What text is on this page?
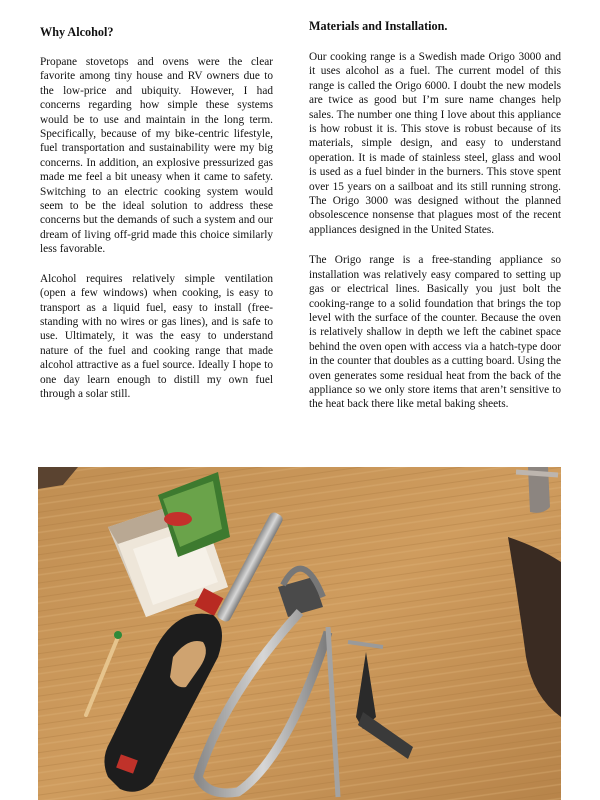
Why Alcohol?

Propane stovetops and ovens were the clear favorite among tiny house and RV owners due to the low-price and ubiquity. However, I had concerns regarding how simple these systems would be to use and maintain in the long term. Specifically, because of my bike-centric lifestyle, fuel transportation and sustainability were my big concerns. In addition, an explosive pressurized gas made me feel a bit uneasy when it came to safety. Switching to an electric cooking system would seem to be the ideal solution to address these concerns but the demands of such a system and our dream of living off-grid made this choice similarly less favorable.

Alcohol requires relatively simple ventilation (open a few windows) when cooking, is easy to transport as a liquid fuel, easy to install (free-standing with no wires or gas lines), and is safe to use. Ultimately, it was the easy to understand nature of the fuel and cooking range that made alcohol attractive as a fuel source. Ideally I hope to one day learn enough to distill my own fuel through a solar still.

Materials and Installation.

Our cooking range is a Swedish made Origo 3000 and it uses alcohol as a fuel. The current model of this range is called the Origo 6000. I doubt the new models are twice as good but I’m sure name changes help sales. The number one thing I love about this appliance is how robust it is. This stove is robust because of its materials, simple design, and easy to understand operation. It is made of stainless steel, glass and wool is used as a fuel binder in the burners. This stove spent over 15 years on a sailboat and its still running strong. The Origo 3000 was designed without the planned obsolescence nonsense that plagues most of the recent appliances designed in the United States.

The Origo range is a free-standing appliance so installation was relatively easy compared to setting up gas or electrical lines. Basically you just bolt the cooking-range to a solid foundation that brings the top level with the surface of the counter. Because the oven is relatively shallow in depth we left the cabinet space behind the oven open with access via a hatch-type door in the counter that doubles as a cutting board. Using the oven generates some residual heat from the back of the appliance so we only store items that aren’t sensitive to the heat back there like metal baking sheets.
